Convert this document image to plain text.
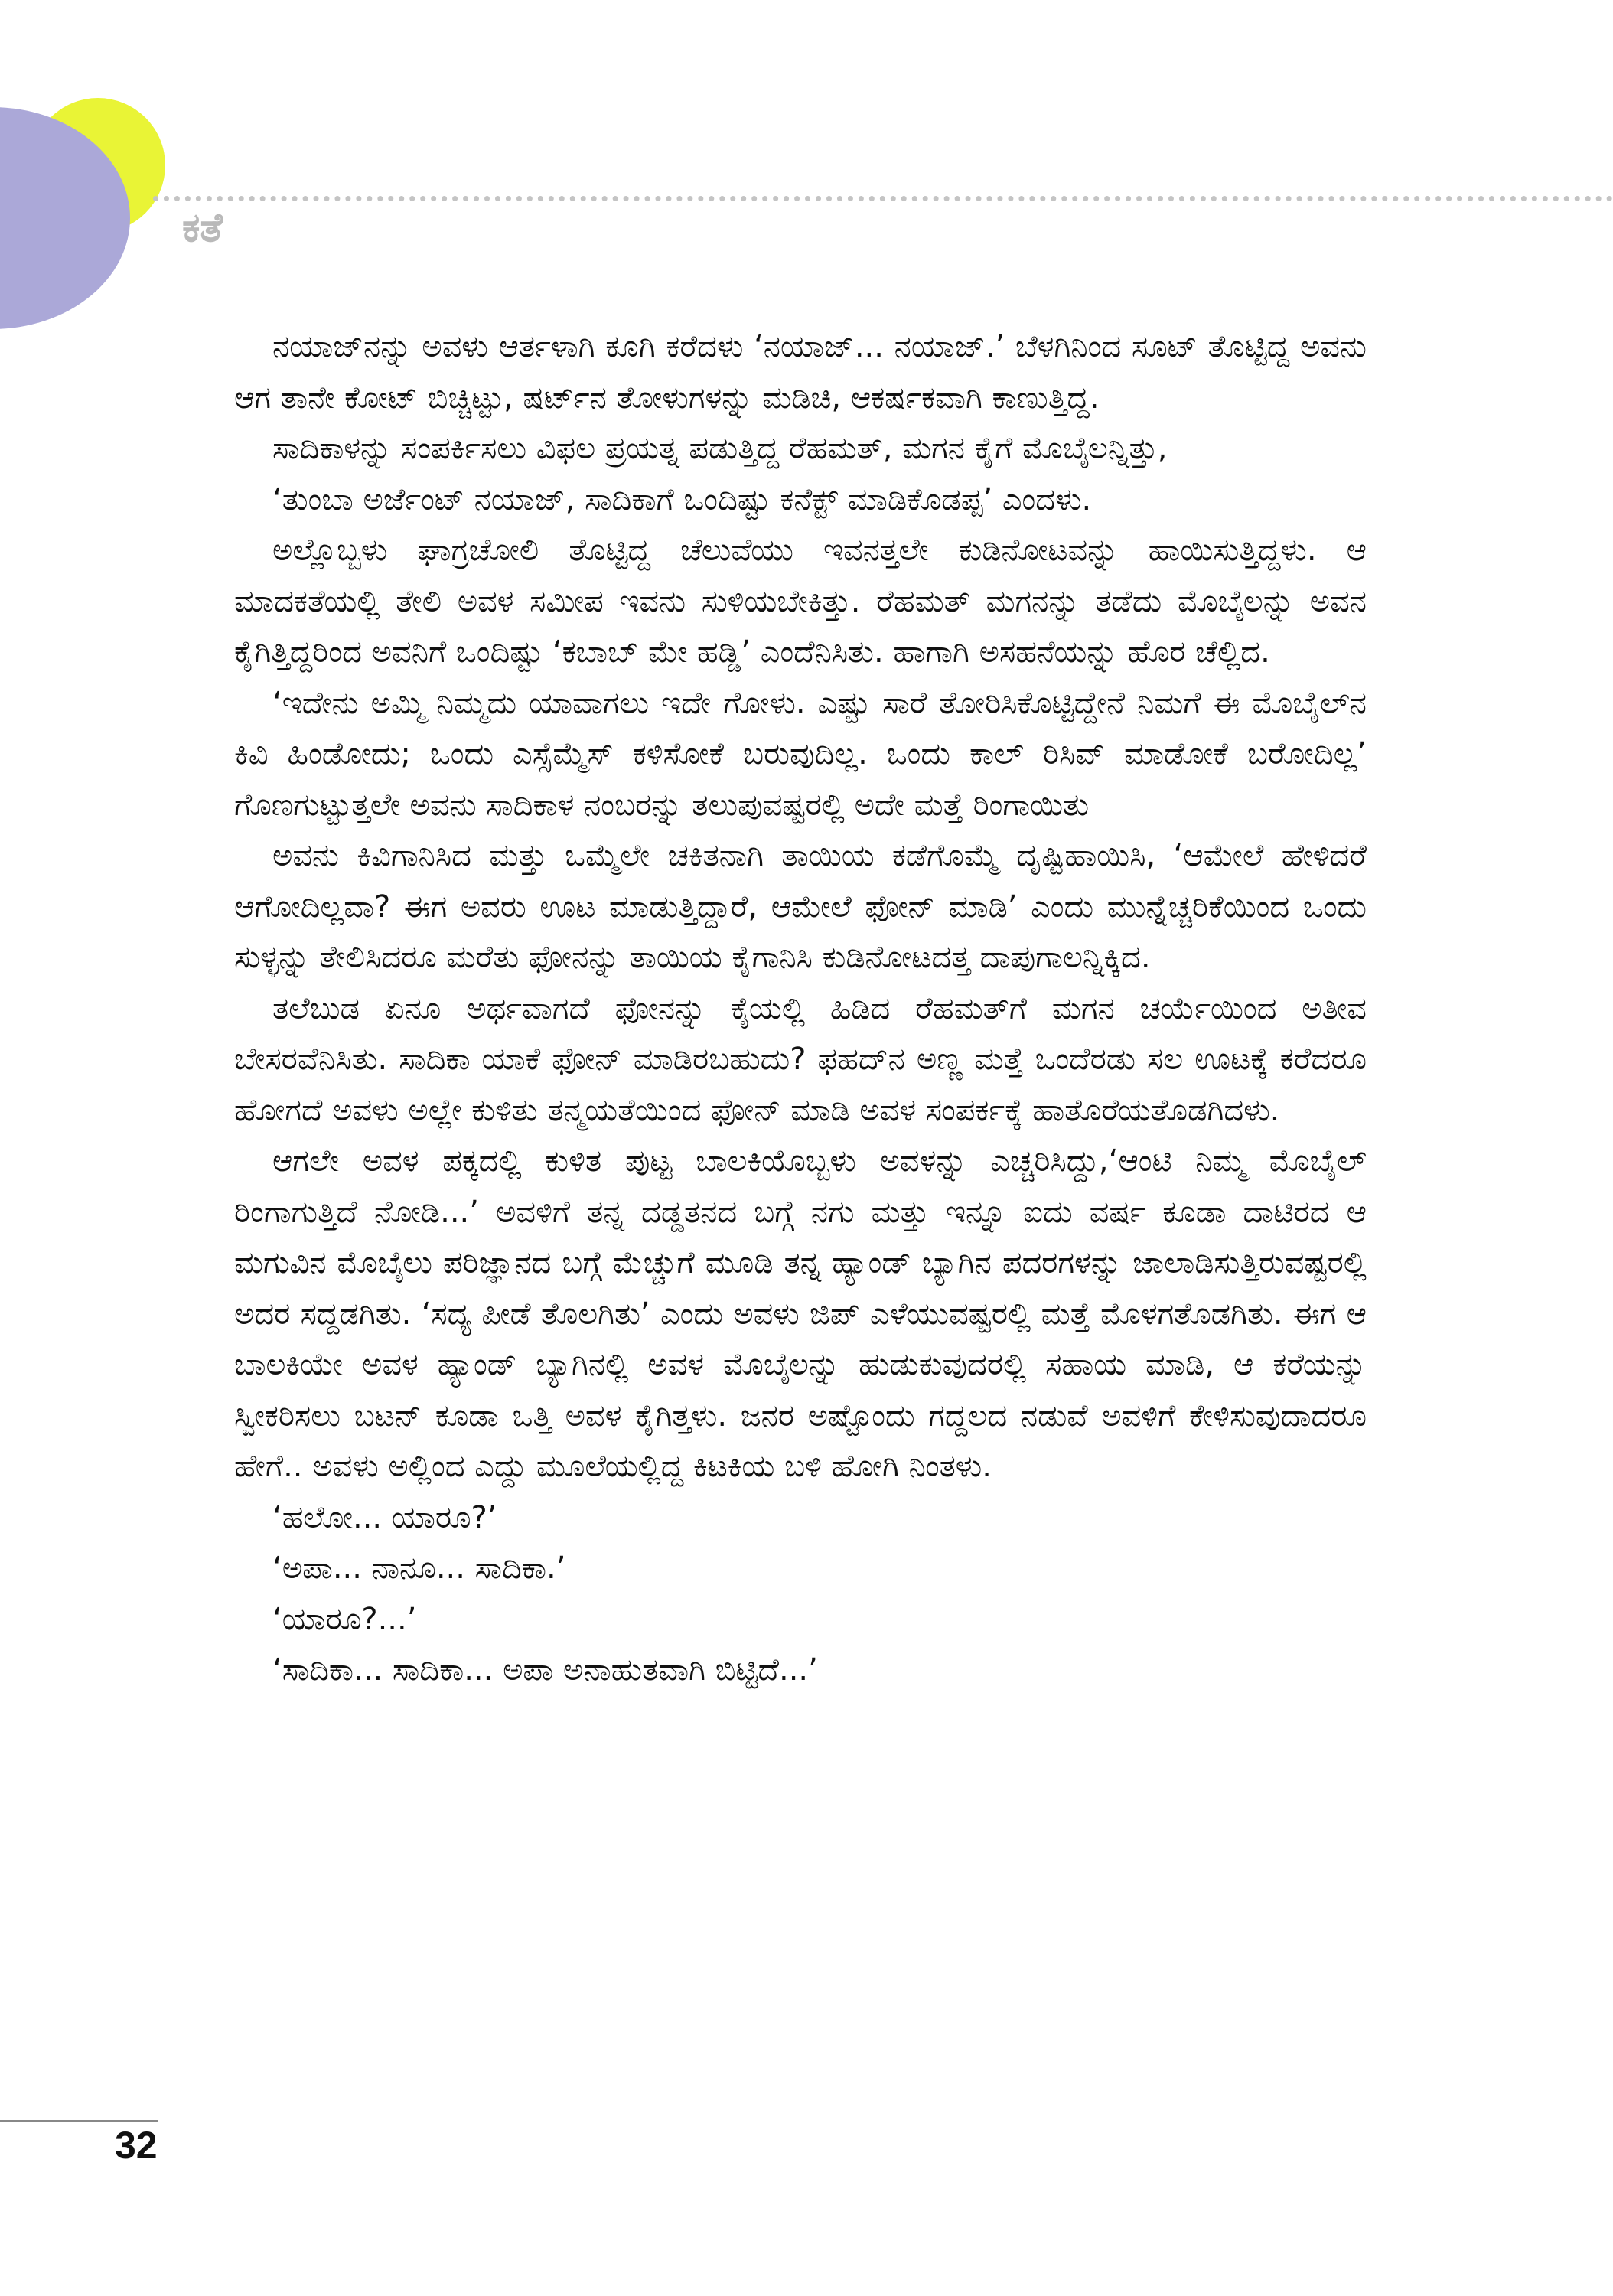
ಕತೆ

ನಯಾಜ್‌ನನ್ನು ಅವಳು ಆರ್ತಳಾಗಿ ಕೂಗಿ ಕರೆದಳು ‘ನಯಾಜ್... ನಯಾಜ್.’ ಬೆಳಗಿನಿಂದ ಸೂಟ್ ತೊಟ್ಟಿದ್ದ ಅವನು ಆಗ ತಾನೇ ಕೋಟ್ ಬಿಚ್ಚಿಟ್ಟು, ಷರ್ಟ್‌ನ ತೋಳುಗಳನ್ನು ಮಡಿಚಿ, ಆಕರ್ಷಕವಾಗಿ ಕಾಣುತ್ತಿದ್ದ.

ಸಾದಿಕಾಳನ್ನು ಸಂಪರ್ಕಿಸಲು ವಿಫಲ ಪ್ರಯತ್ನ ಪಡುತ್ತಿದ್ದ ರೆಹಮತ್, ಮಗನ ಕೈಗೆ ಮೊಬೈಲನ್ನಿತ್ತು,

‘ತುಂಬಾ ಅರ್ಜೆಂಟ್ ನಯಾಜ್, ಸಾದಿಕಾಗೆ ಒಂದಿಷ್ಟು ಕನೆಕ್ಟ್ ಮಾಡಿಕೊಡಪ್ಪ’ ಎಂದಳು.

ಅಲ್ಲೊಬ್ಬಳು ಘಾಗ್ರಚೋಲಿ ತೊಟ್ಟಿದ್ದ ಚೆಲುವೆಯು ಇವನತ್ತಲೇ ಕುಡಿನೋಟವನ್ನು ಹಾಯಿಸುತ್ತಿದ್ದಳು. ಆ ಮಾದಕತೆಯಲ್ಲಿ ತೇಲಿ ಅವಳ ಸಮೀಪ ಇವನು ಸುಳಿಯಬೇಕಿತ್ತು. ರೆಹಮತ್ ಮಗನನ್ನು ತಡೆದು ಮೊಬೈಲನ್ನು ಅವನ ಕೈಗಿತ್ತಿದ್ದರಿಂದ ಅವನಿಗೆ ಒಂದಿಷ್ಟು ‘ಕಬಾಬ್ ಮೇ ಹಡ್ಡಿ’ ಎಂದೆನಿಸಿತು. ಹಾಗಾಗಿ ಅಸಹನೆಯನ್ನು ಹೊರ ಚೆಲ್ಲಿದ.

‘ಇದೇನು ಅಮ್ಮಿ ನಿಮ್ಮದು ಯಾವಾಗಲು ಇದೇ ಗೋಳು. ಎಷ್ಟು ಸಾರೆ ತೋರಿಸಿಕೊಟ್ಟಿದ್ದೇನೆ ನಿಮಗೆ ಈ ಮೊಬೈಲ್‌ನ ಕಿವಿ ಹಿಂಡೋದು; ಒಂದು ಎಸ್ಸೆಮ್ಮೆಸ್ ಕಳಿಸೋಕೆ ಬರುವುದಿಲ್ಲ. ಒಂದು ಕಾಲ್ ರಿಸಿವ್ ಮಾಡೋಕೆ ಬರೋದಿಲ್ಲ’ ಗೊಣಗುಟ್ಟುತ್ತಲೇ ಅವನು ಸಾದಿಕಾಳ ನಂಬರನ್ನು ತಲುಪುವಷ್ಟರಲ್ಲಿ ಅದೇ ಮತ್ತೆ ರಿಂಗಾಯಿತು

ಅವನು ಕಿವಿಗಾನಿಸಿದ ಮತ್ತು ಒಮ್ಮೆಲೇ ಚಕಿತನಾಗಿ ತಾಯಿಯ ಕಡೆಗೊಮ್ಮೆ ದೃಷ್ಟಿಹಾಯಿಸಿ, ‘ಆಮೇಲೆ ಹೇಳಿದರೆ ಆಗೋದಿಲ್ಲವಾ? ಈಗ ಅವರು ಊಟ ಮಾಡುತ್ತಿದ್ದಾರೆ, ಆಮೇಲೆ ಫೋನ್ ಮಾಡಿ’ ಎಂದು ಮುನ್ನೆಚ್ಚರಿಕೆಯಿಂದ ಒಂದು ಸುಳ್ಳನ್ನು ತೇಲಿಸಿದರೂ ಮರೆತು ಫೋನನ್ನು ತಾಯಿಯ ಕೈಗಾನಿಸಿ ಕುಡಿನೋಟದತ್ತ ದಾಪುಗಾಲನ್ನಿಕ್ಕಿದ.

ತಲೆಬುಡ ಏನೂ ಅರ್ಥವಾಗದೆ ಫೋನನ್ನು ಕೈಯಲ್ಲಿ ಹಿಡಿದ ರೆಹಮತ್‌ಗೆ ಮಗನ ಚರ್ಯೆಯಿಂದ ಅತೀವ ಬೇಸರವೆನಿಸಿತು. ಸಾದಿಕಾ ಯಾಕೆ ಫೋನ್ ಮಾಡಿರಬಹುದು? ಫಹದ್‌ನ ಅಣ್ಣ ಮತ್ತೆ ಒಂದೆರಡು ಸಲ ಊಟಕ್ಕೆ ಕರೆದರೂ ಹೋಗದೆ ಅವಳು ಅಲ್ಲೇ ಕುಳಿತು ತನ್ಮಯತೆಯಿಂದ ಫೋನ್ ಮಾಡಿ ಅವಳ ಸಂಪರ್ಕಕ್ಕೆ ಹಾತೊರೆಯತೊಡಗಿದಳು.

ಆಗಲೇ ಅವಳ ಪಕ್ಕದಲ್ಲಿ ಕುಳಿತ ಪುಟ್ಟ ಬಾಲಕಿಯೊಬ್ಬಳು ಅವಳನ್ನು ಎಚ್ಚರಿಸಿದ್ದು,‘ಆಂಟಿ ನಿಮ್ಮ ಮೊಬೈಲ್ ರಿಂಗಾಗುತ್ತಿದೆ ನೋಡಿ...’ ಅವಳಿಗೆ ತನ್ನ ದಡ್ಡತನದ ಬಗ್ಗೆ ನಗು ಮತ್ತು ಇನ್ನೂ ಐದು ವರ್ಷ ಕೂಡಾ ದಾಟಿರದ ಆ ಮಗುವಿನ ಮೊಬೈಲು ಪರಿಜ್ಞಾನದ ಬಗ್ಗೆ ಮೆಚ್ಚುಗೆ ಮೂಡಿ ತನ್ನ ಹ್ಯಾಂಡ್ ಬ್ಯಾಗಿನ ಪದರಗಳನ್ನು ಜಾಲಾಡಿಸುತ್ತಿರುವಷ್ಟರಲ್ಲಿ ಅದರ ಸದ್ದಡಗಿತು. ‘ಸದ್ಯ ಪೀಡೆ ತೊಲಗಿತು’ ಎಂದು ಅವಳು ಜಿಪ್ ಎಳೆಯುವಷ್ಟರಲ್ಲಿ ಮತ್ತೆ ಮೊಳಗತೊಡಗಿತು. ಈಗ ಆ ಬಾಲಕಿಯೇ ಅವಳ ಹ್ಯಾಂಡ್ ಬ್ಯಾಗಿನಲ್ಲಿ ಅವಳ ಮೊಬೈಲನ್ನು ಹುಡುಕುವುದರಲ್ಲಿ ಸಹಾಯ ಮಾಡಿ, ಆ ಕರೆಯನ್ನು ಸ್ವೀಕರಿಸಲು ಬಟನ್ ಕೂಡಾ ಒತ್ತಿ ಅವಳ ಕೈಗಿತ್ತಳು. ಜನರ ಅಷ್ಟೊಂದು ಗದ್ದಲದ ನಡುವೆ ಅವಳಿಗೆ ಕೇಳಿಸುವುದಾದರೂ ಹೇಗೆ.. ಅವಳು ಅಲ್ಲಿಂದ ಎದ್ದು ಮೂಲೆಯಲ್ಲಿದ್ದ ಕಿಟಕಿಯ ಬಳಿ ಹೋಗಿ ನಿಂತಳು.

‘ಹಲೋ... ಯಾರೂ?’

‘ಅಪಾ... ನಾನೂ... ಸಾದಿಕಾ.’

‘ಯಾರೂ?...’

‘ಸಾದಿಕಾ... ಸಾದಿಕಾ... ಅಪಾ ಅನಾಹುತವಾಗಿ ಬಿಟ್ಟಿದೆ...’

32
